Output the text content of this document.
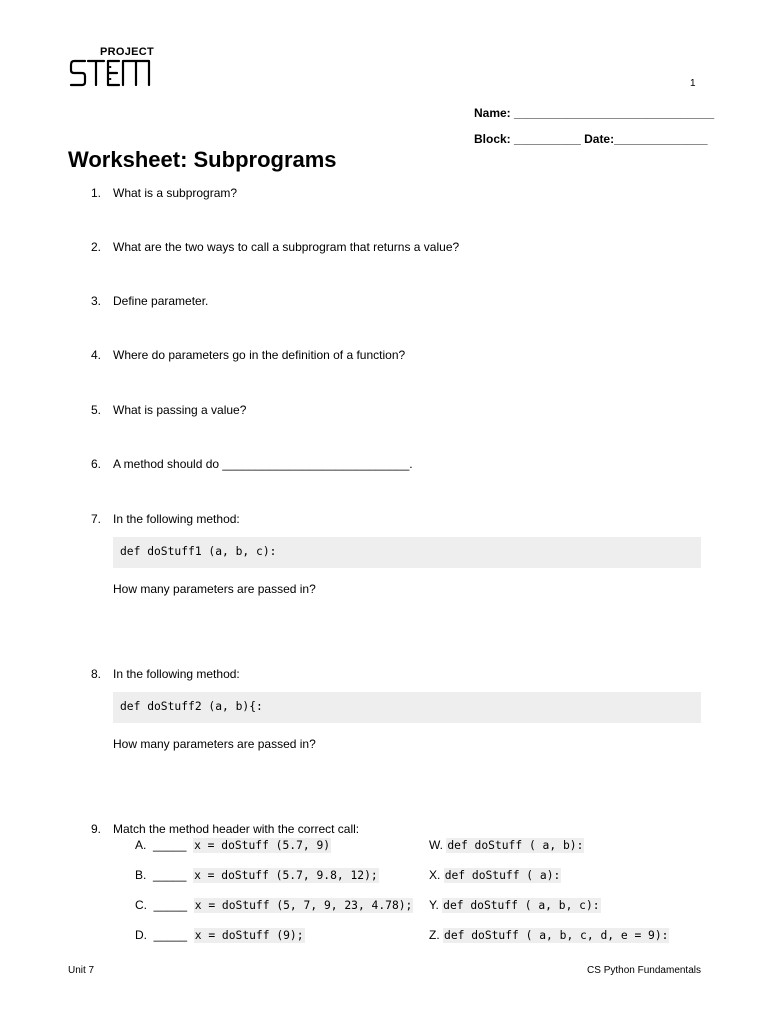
PROJECT
1
Name: ______________________________
Block: __________ Date:______________
Worksheet: Subprograms
1. What is a subprogram?
2. What are the two ways to call a subprogram that returns a value?
3. Define parameter.
4. Where do parameters go in the definition of a function?
5. What is passing a value?
6. A method should do ____________________________.
7. In the following method:
def doStuff1 (a, b, c):
How many parameters are passed in?
8. In the following method:
def doStuff2 (a, b){:
How many parameters are passed in?
9. Match the method header with the correct call:
A. _____ x = doStuff (5.7, 9)
B. _____ x = doStuff (5.7, 9.8, 12);
C. _____ x = doStuff (5, 7, 9, 23, 4.78);
D. _____ x = doStuff (9);
W. def doStuff ( a, b):
X. def doStuff ( a):
Y. def doStuff ( a, b, c):
Z. def doStuff ( a, b, c, d, e = 9):
Unit 7	CS Python Fundamentals
